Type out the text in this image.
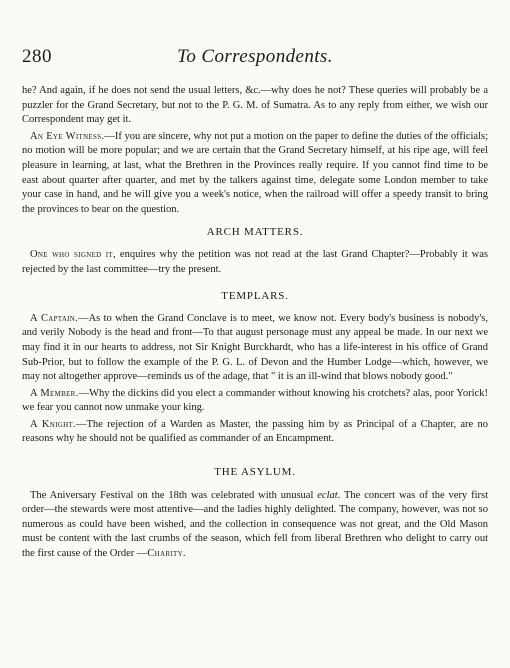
280	To Correspondents.

he? And again, if he does not send the usual letters, &c.—why does he not? These queries will probably be a puzzler for the Grand Secretary, but not to the P. G. M. of Sumatra. As to any reply from either, we wish our Correspondent may get it.

An Eye Witness.—If you are sincere, why not put a motion on the paper to define the duties of the officials; no motion will be more popular; and we are certain that the Grand Secretary himself, at his ripe age, will feel pleasure in learning, at last, what the Brethren in the Provinces really require. If you cannot find time to be east about quarter after quarter, and met by the talkers against time, delegate some London member to take your case in hand, and he will give you a week's notice, when the railroad will offer a speedy transit to bring the provinces to bear on the question.

ARCH MATTERS.

One who signed it, enquires why the petition was not read at the last Grand Chapter?—Probably it was rejected by the last committee—try the present.

TEMPLARS.

A Captain.—As to when the Grand Conclave is to meet, we know not. Every body's business is nobody's, and verily Nobody is the head and front—To that august personage must any appeal be made. In our next we may find it in our hearts to address, not Sir Knight Burckhardt, who has a life-interest in his office of Grand Sub-Prior, but to follow the example of the P. G. L. of Devon and the Humber Lodge—which, however, we may not altogether approve—reminds us of the adage, that " it is an ill-wind that blows nobody good."

A Member.—Why the dickins did you elect a commander without knowing his crotchets? alas, poor Yorick! we fear you cannot now unmake your king.

A Knight.—The rejection of a Warden as Master, the passing him by as Principal of a Chapter, are no reasons why he should not be qualified as commander of an Encampment.

THE ASYLUM.

The Aniversary Festival on the 18th was celebrated with unusual eclat. The concert was of the very first order—the stewards were most attentive—and the ladies highly delighted. The company, however, was not so numerous as could have been wished, and the collection in consequence was not great, and the Old Mason must be content with the last crumbs of the season, which fell from liberal Brethren who delight to carry out the first cause of the Order —Charity.
